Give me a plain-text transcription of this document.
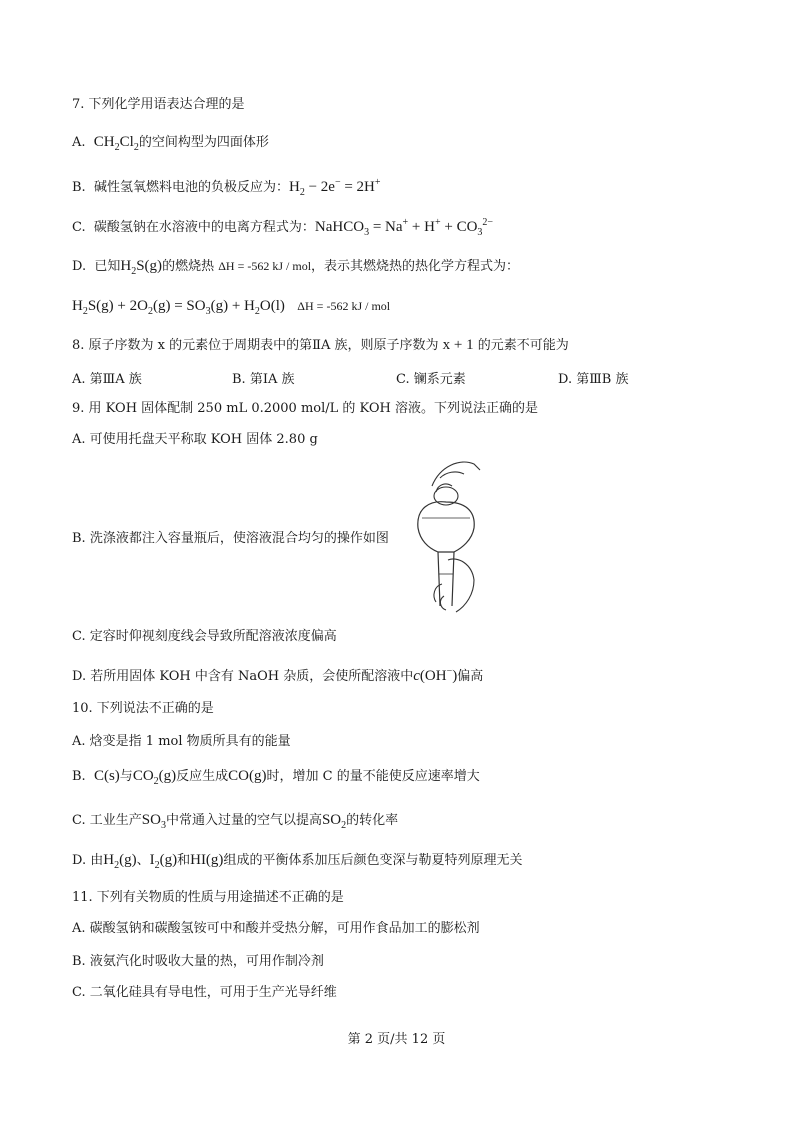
7. 下列化学用语表达合理的是
A. $CH_2Cl_2$的空间构型为四面体形
B. 碱性氢氧燃料电池的负极反应为：$H_2 - 2e^- = 2H^+$
C. 碳酸氢钠在水溶液中的电离方程式为：NaHCO$_3$ = $Na^+ + H^+ + CO_3^{2-}$
D. 已知$H_2S(g)$的燃烧热 ΔH = -562 kJ / mol，表示其燃烧热的热化学方程式为：
$H_2S(g) + 2O_2(g) = SO_3(g) + H_2O(l) \Delta H = -562$ kJ / mol
8. 原子序数为 x 的元素位于周期表中的第ⅡA 族，则原子序数为 x + 1 的元素不可能为
A. 第ⅢA 族	B. 第ⅠA 族	C. 镧系元素	D. 第ⅢB 族
9. 用 KOH 固体配制 250 mL 0.2000 mol/L 的 KOH 溶液。下列说法正确的是
A. 可使用托盘天平称取 KOH 固体 2.80 g
B. 洗涤液都注入容量瓶后，使溶液混合均匀的操作如图
C. 定容时仰视刻度线会导致所配溶液浓度偏高
D. 若所用固体 KOH 中含有 NaOH 杂质，会使所配溶液中c(OH−)偏高
10. 下列说法不正确的是
A. 焓变是指 1 mol 物质所具有的能量
B. C(s)与$CO_2(g)$反应生成CO(g)时，增加 C 的量不能使反应速率增大
C. 工业生产$SO_3$中常通入过量的空气以提高$SO_2$的转化率
D. 由$H_2(g)$、$I_2(g)$和HI(g)组成的平衡体系加压后颜色变深与勒夏特列原理无关
11. 下列有关物质的性质与用途描述不正确的是
A. 碳酸氢钠和碳酸氢铵可中和酸并受热分解，可用作食品加工的膨松剂
B. 液氨汽化时吸收大量的热，可用作制冷剂
C. 二氧化硅具有导电性，可用于生产光导纤维
第 2 页/共 12 页
